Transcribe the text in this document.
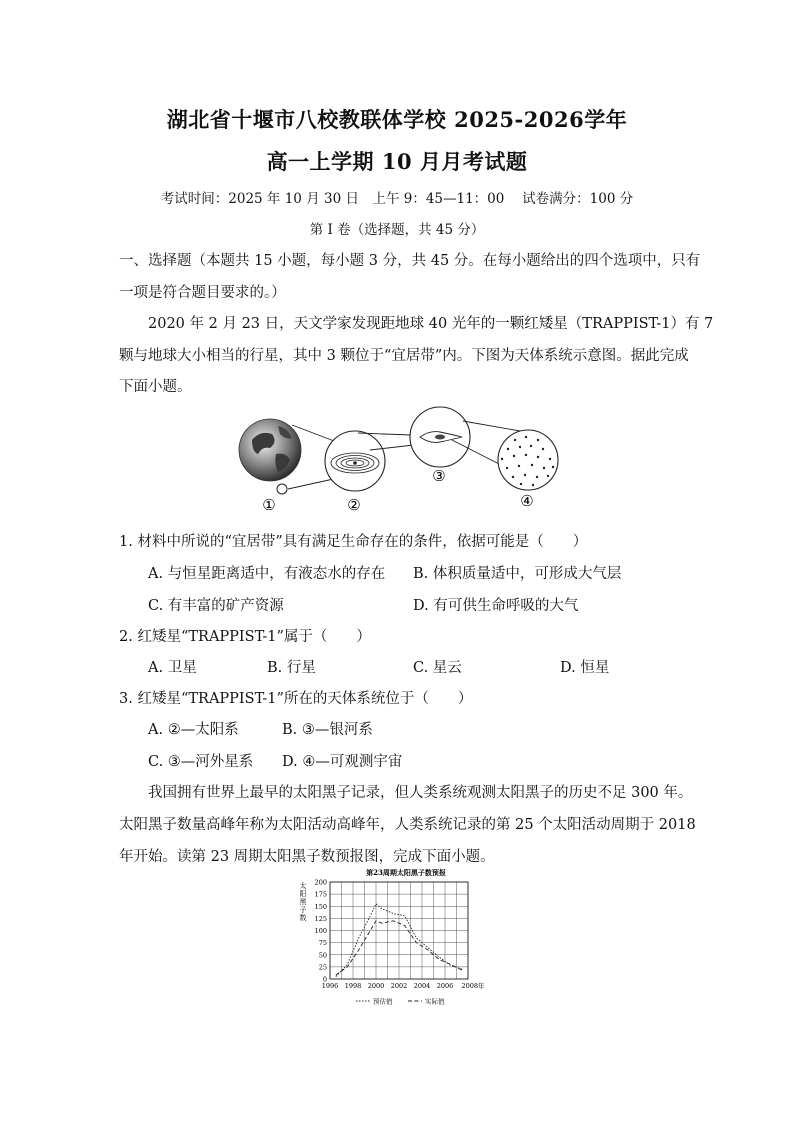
湖北省十堰市八校教联体学校 2025-2026学年
高一上学期 10 月月考试题
考试时间：2025 年 10 月 30 日　上午 9：45—11：00　 试卷满分：100 分
第 I 卷（选择题，共 45 分）
一、选择题（本题共 15 小题，每小题 3 分，共 45 分。在每小题给出的四个选项中，只有
一项是符合题目要求的。）
2020 年 2 月 23 日，天文学家发现距地球 40 光年的一颗红矮星（TRAPPIST-1）有 7
颗与地球大小相当的行星，其中 3 颗位于“宜居带”内。下图为天体系统示意图。据此完成
下面小题。
①	②
③
④
1. 材料中所说的“宜居带”具有满足生命存在的条件，依据可能是（　　）
A. 与恒星距离适中，有液态水的存在 B. 体积质量适中，可形成大气层
C. 有丰富的矿产资源	D. 有可供生命呼吸的大气
2. 红矮星“TRAPPIST-1”属于（　　）
A. 卫星	B. 行星	C. 星云	D. 恒星
3. 红矮星“TRAPPIST-1”所在的天体系统位于（　　）
A. ②—太阳系	B. ③—银河系
C. ③—河外星系 D. ④—可观测宇宙
我国拥有世界上最早的太阳黑子记录，但人类系统观测太阳黑子的历史不足 300 年。
太阳黑子数量高峰年称为太阳活动高峰年，人类系统记录的第 25 个太阳活动周期于 2018
年开始。读第 23 周期太阳黑子数预报图，完成下面小题。
第23周期太阳黑子数预报
太
阳
黑
子
数
0
25
50
75
100
125
150
175
200
1996 1998 2000 2002 2004 2006 2008年
预估值	实际值
